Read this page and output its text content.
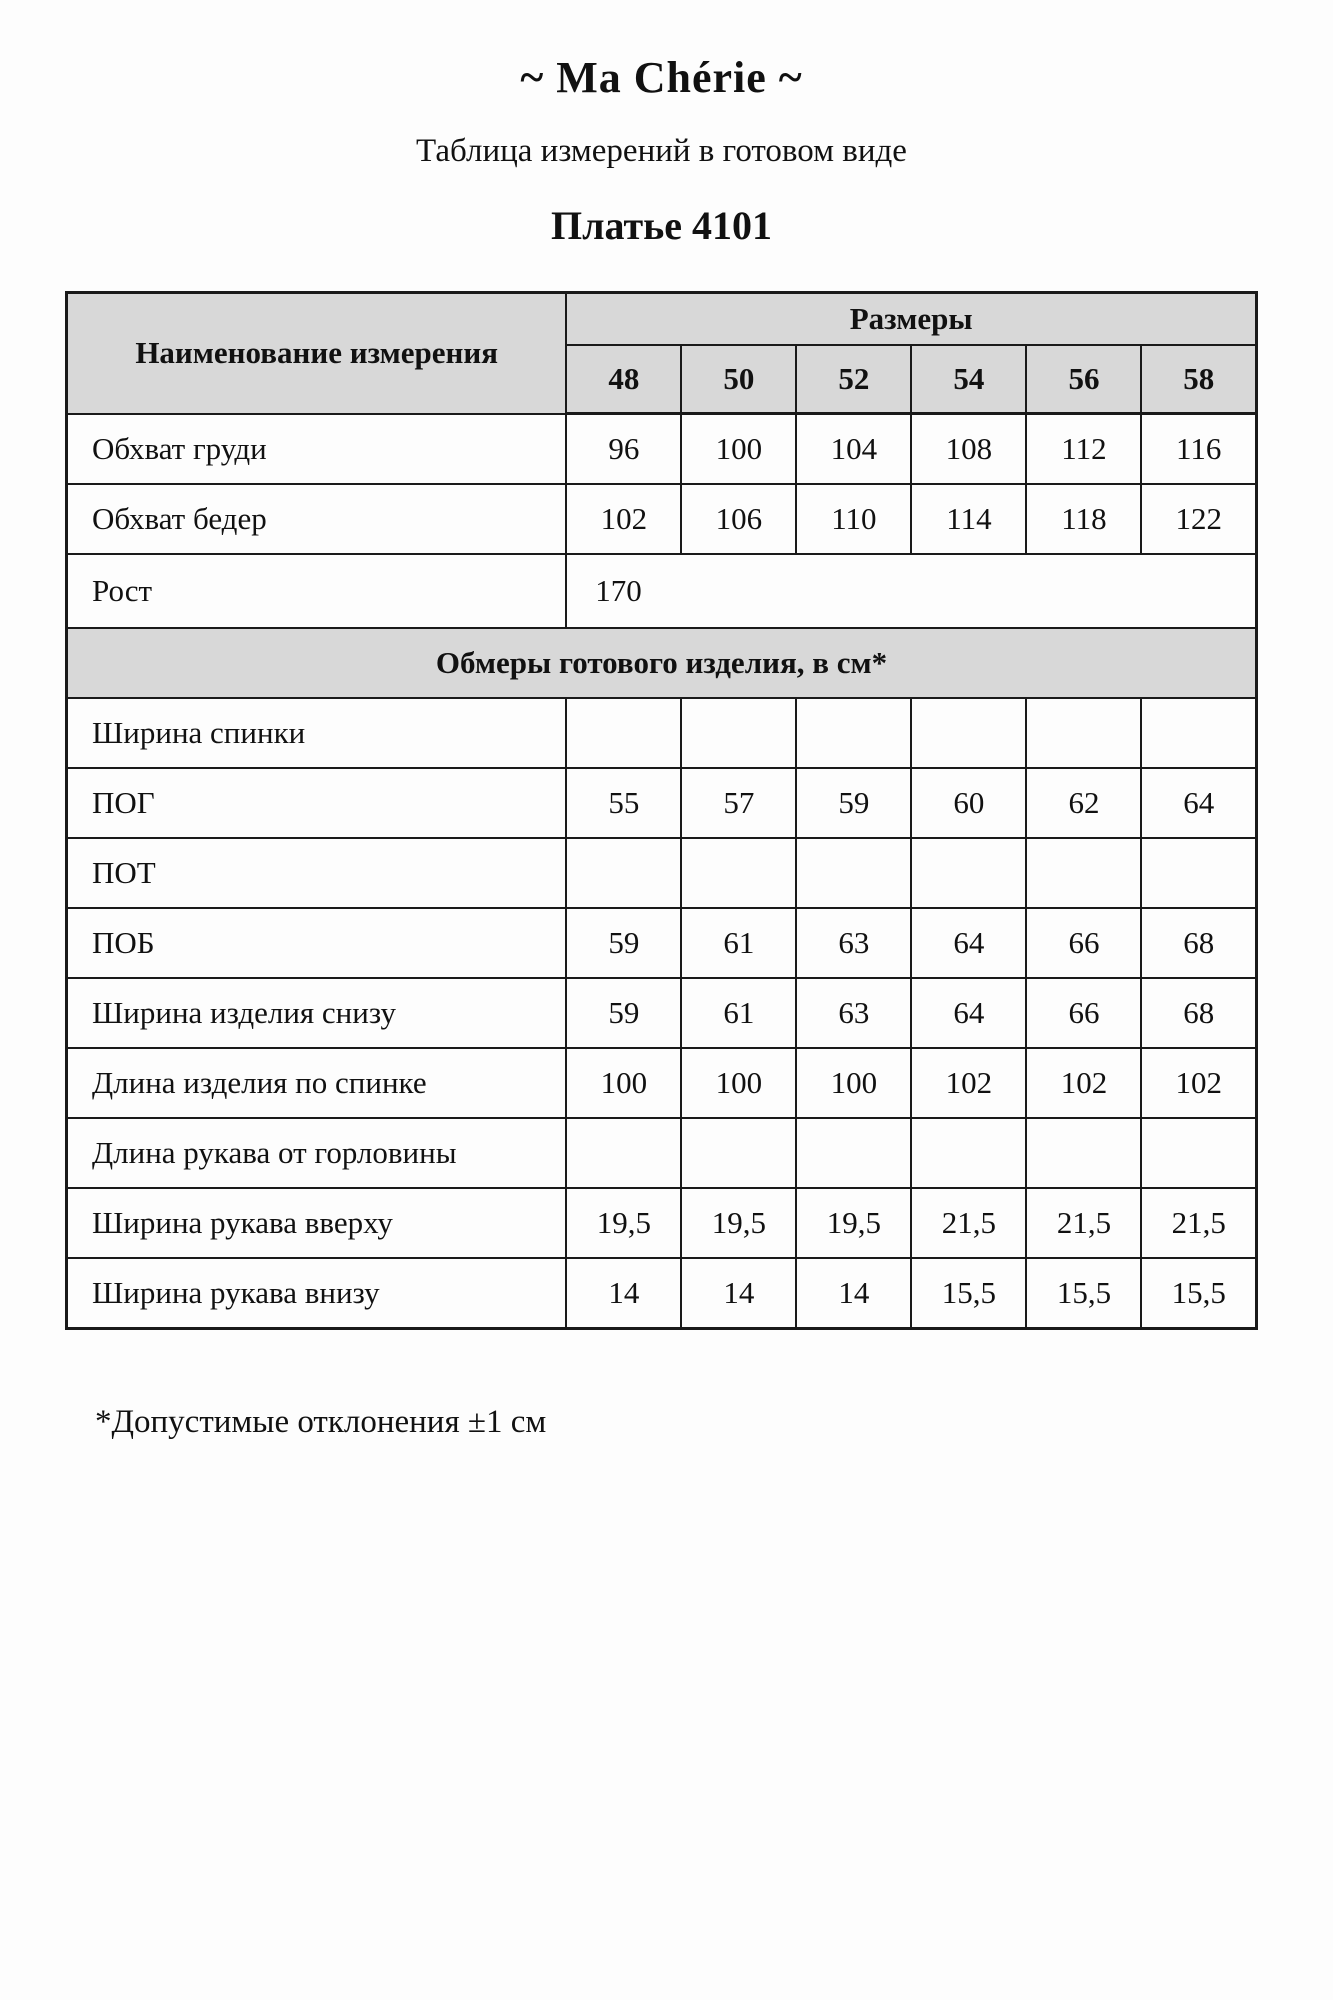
~ Ma Chérie ~
Таблица измерений в готовом виде
Платье 4101
Наименование измерения	Размеры					
	48	50	52	54	56	58
Обхват груди	96	100	104	108	112	116
Обхват бедер	102	106	110	114	118	122
Рост	170					
Обмеры готового изделия, в см*						
Ширина спинки						
ПОГ	55	57	59	60	62	64
ПОТ						
ПОБ	59	61	63	64	66	68
Ширина изделия снизу	59	61	63	64	66	68
Длина изделия по спинке	100	100	100	102	102	102
Длина рукава от горловины						
Ширина рукава вверху	19,5	19,5	19,5	21,5	21,5	21,5
Ширина рукава внизу	14	14	14	15,5	15,5	15,5

*Допустимые отклонения ±1 см
